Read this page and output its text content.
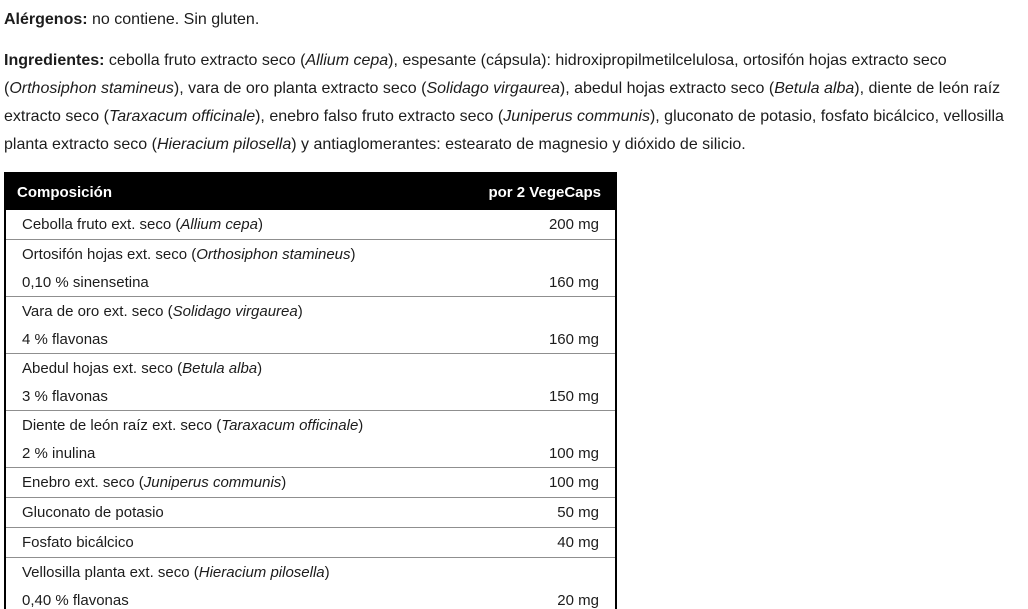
Alérgenos: no contiene. Sin gluten.

Ingredientes: cebolla fruto extracto seco (Allium cepa), espesante (cápsula): hidroxipropilmetilcelulosa, ortosifón hojas extracto seco (Orthosiphon stamineus), vara de oro planta extracto seco (Solidago virgaurea), abedul hojas extracto seco (Betula alba), diente de león raíz extracto seco (Taraxacum officinale), enebro falso fruto extracto seco (Juniperus communis), gluconato de potasio, fosfato bicálcico, vellosilla planta extracto seco (Hieracium pilosella) y antiaglomerantes: estearato de magnesio y dióxido de silicio.

Composición	por 2 VegeCaps
Cebolla fruto ext. seco (Allium cepa)	200 mg
Ortosifón hojas ext. seco (Orthosiphon stamineus)
0,10 % sinensetina	160 mg
Vara de oro ext. seco (Solidago virgaurea)
4 % flavonas	160 mg
Abedul hojas ext. seco (Betula alba)
3 % flavonas	150 mg
Diente de león raíz ext. seco (Taraxacum officinale)
2 % inulina	100 mg
Enebro ext. seco (Juniperus communis)	100 mg
Gluconato de potasio	50 mg
Fosfato bicálcico	40 mg
Vellosilla planta ext. seco (Hieracium pilosella)
0,40 % flavonas	20 mg
